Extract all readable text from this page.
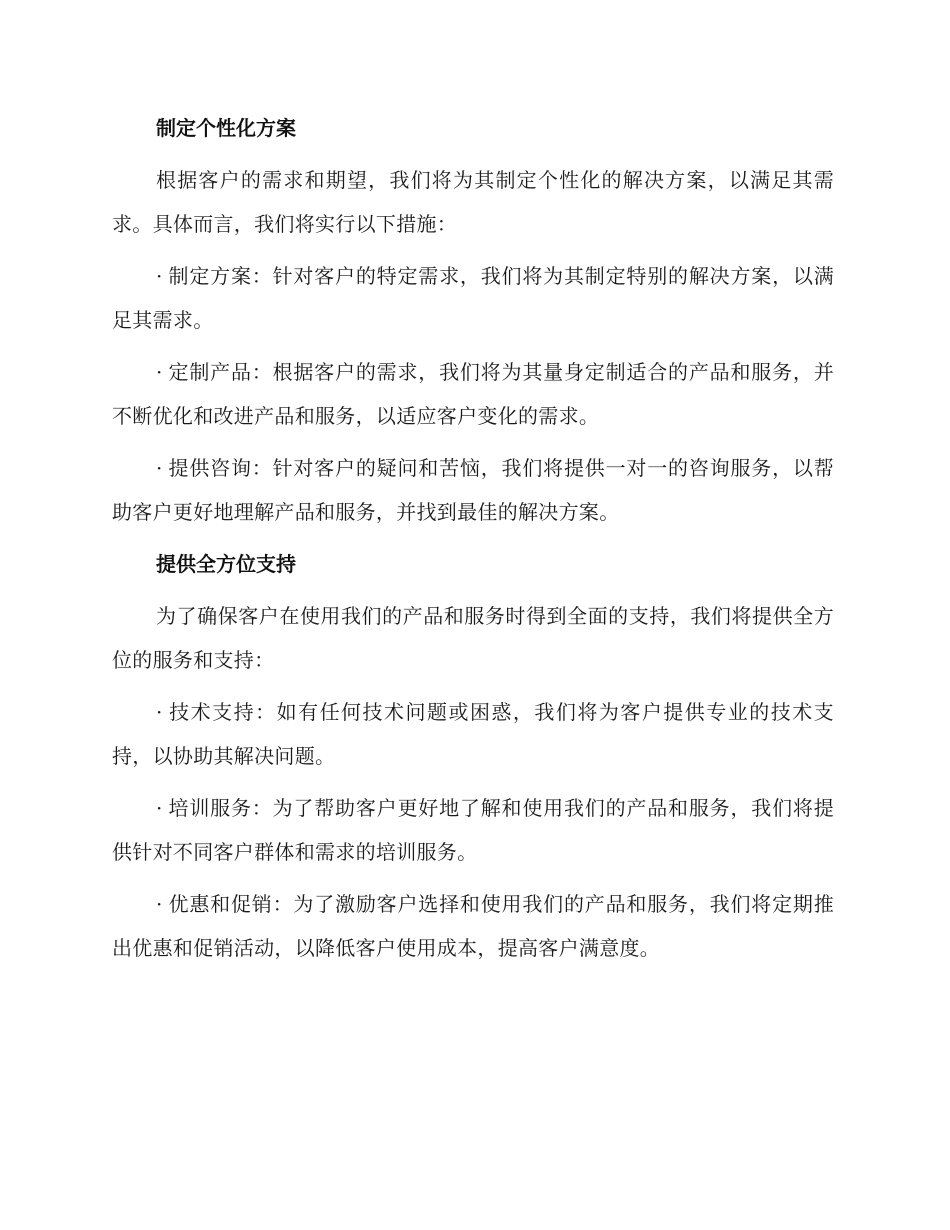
制定个性化方案

根据客户的需求和期望，我们将为其制定个性化的解决方案，以满足其需求。具体而言，我们将实行以下措施：

· 制定方案：针对客户的特定需求，我们将为其制定特别的解决方案，以满足其需求。

· 定制产品：根据客户的需求，我们将为其量身定制适合的产品和服务，并不断优化和改进产品和服务，以适应客户变化的需求。

· 提供咨询：针对客户的疑问和苦恼，我们将提供一对一的咨询服务，以帮助客户更好地理解产品和服务，并找到最佳的解决方案。

提供全方位支持

为了确保客户在使用我们的产品和服务时得到全面的支持，我们将提供全方位的服务和支持：

· 技术支持：如有任何技术问题或困惑，我们将为客户提供专业的技术支持，以协助其解决问题。

· 培训服务：为了帮助客户更好地了解和使用我们的产品和服务，我们将提供针对不同客户群体和需求的培训服务。

· 优惠和促销：为了激励客户选择和使用我们的产品和服务，我们将定期推出优惠和促销活动，以降低客户使用成本，提高客户满意度。
